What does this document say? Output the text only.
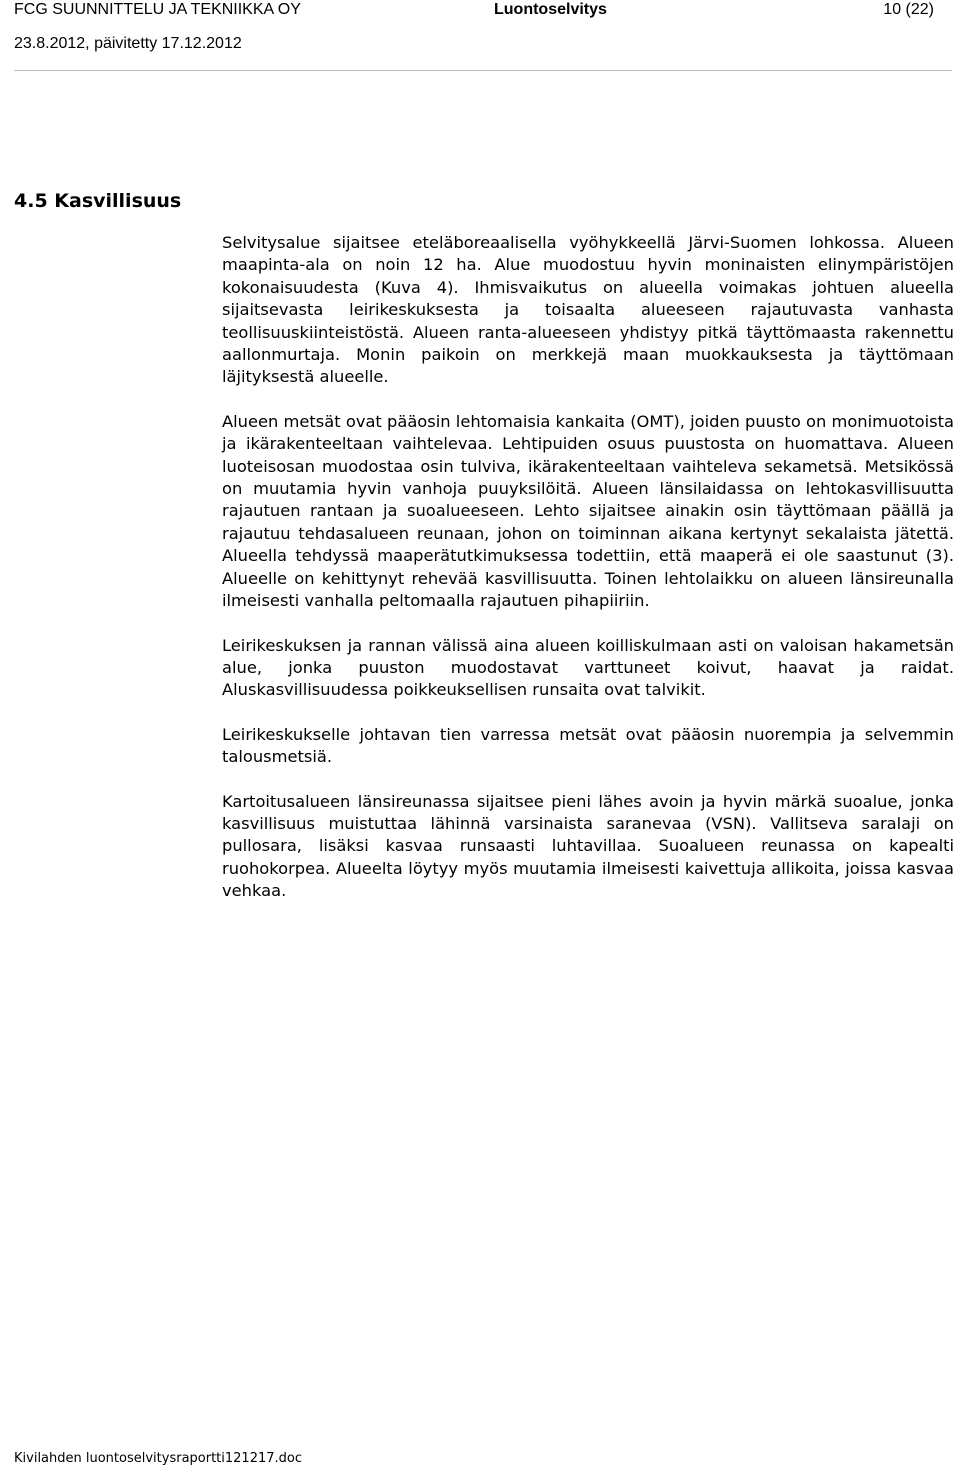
FCG SUUNNITTELU JA TEKNIIKKA OY	Luontoselvitys	10 (22)
23.8.2012, päivitetty 17.12.2012
4.5 Kasvillisuus

Selvitysalue sijaitsee eteläboreaalisella vyöhykkeellä Järvi-Suomen lohkossa. Alueen maapinta-ala on noin 12 ha. Alue muodostuu hyvin moninaisten elinympäristöjen kokonaisuudesta (Kuva 4). Ihmisvaikutus on alueella voimakas johtuen alueella sijaitsevasta leirikeskuksesta ja toisaalta alueeseen rajautuvasta vanhasta teollisuuskiinteistöstä. Alueen ranta-alueeseen yhdistyy pitkä täyttömaasta rakennettu aallonmurtaja. Monin paikoin on merkkejä maan muokkauksesta ja täyttömaan läjityksestä alueelle.

Alueen metsät ovat pääosin lehtomaisia kankaita (OMT), joiden puusto on monimuotoista ja ikärakenteeltaan vaihtelevaa. Lehtipuiden osuus puustosta on huomattava. Alueen luoteisosan muodostaa osin tulviva, ikärakenteeltaan vaihteleva sekametsä. Metsikössä on muutamia hyvin vanhoja puuyksilöitä. Alueen länsilaidassa on lehtokasvillisuutta rajautuen rantaan ja suoalueeseen. Lehto sijaitsee ainakin osin täyttömaan päällä ja rajautuu tehdasalueen reunaan, johon on toiminnan aikana kertynyt sekalaista jätettä. Alueella tehdyssä maaperätutkimuksessa todettiin, että maaperä ei ole saastunut (3). Alueelle on kehittynyt rehevää kasvillisuutta. Toinen lehtolaikku on alueen länsireunalla ilmeisesti vanhalla peltomaalla rajautuen pihapiiriin.

Leirikeskuksen ja rannan välissä aina alueen koilliskulmaan asti on valoisan hakametsän alue, jonka puuston muodostavat varttuneet koivut, haavat ja raidat. Aluskasvillisuudessa poikkeuksellisen runsaita ovat talvikit.

Leirikeskukselle johtavan tien varressa metsät ovat pääosin nuorempia ja selvemmin talousmetsiä.

Kartoitusalueen länsireunassa sijaitsee pieni lähes avoin ja hyvin märkä suoalue, jonka kasvillisuus muistuttaa lähinnä varsinaista saranevaa (VSN). Vallitseva saralaji on pullosara, lisäksi kasvaa runsaasti luhtavillaa. Suoalueen reunassa on kapealti ruohokorpea. Alueelta löytyy myös muutamia ilmeisesti kaivettuja allikoita, joissa kasvaa vehkaa.

Kivilahden luontoselvitysraportti121217.doc
